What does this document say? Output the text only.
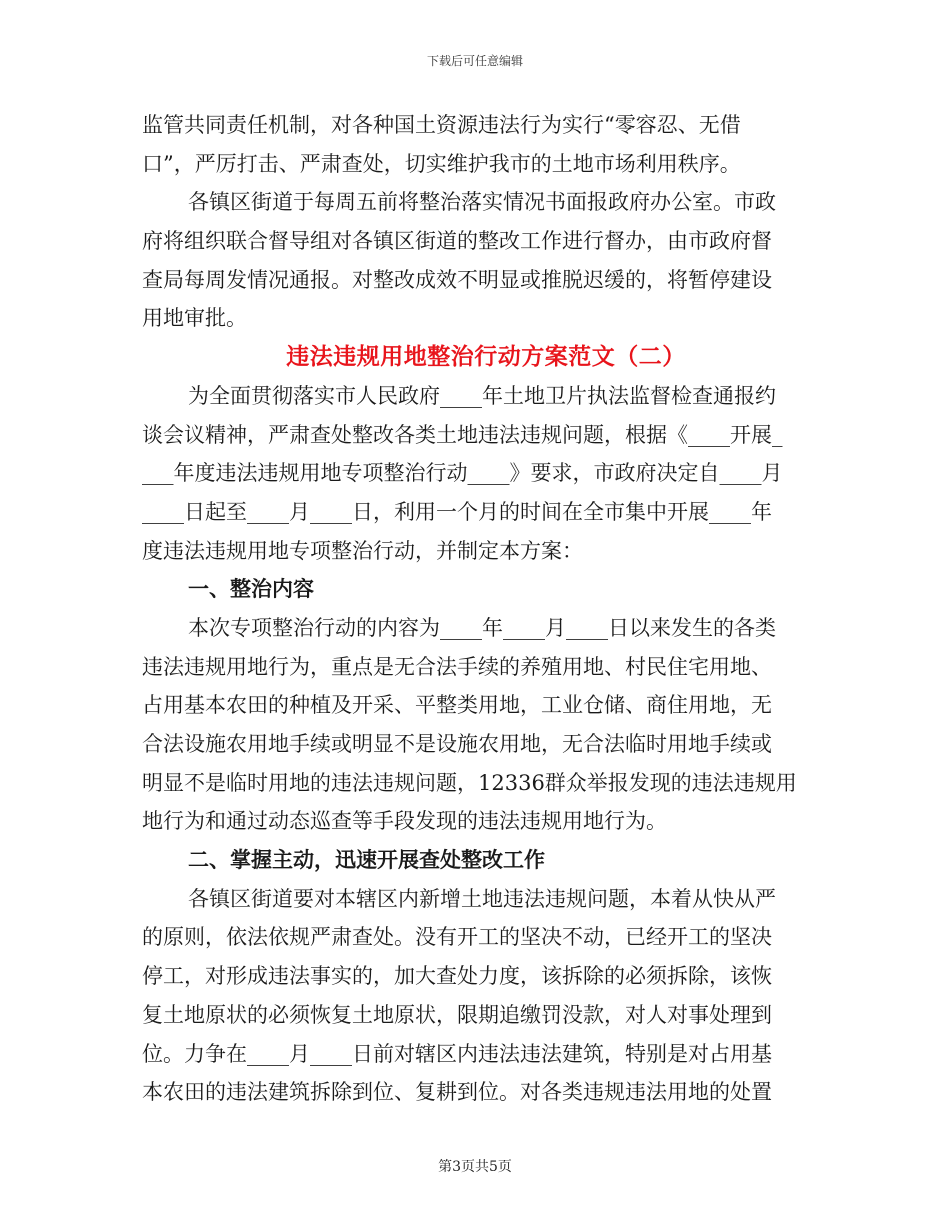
下载后可任意编辑
监管共同责任机制，对各种国土资源违法行为实行“零容忍、无借
口”，严厉打击、严肃查处，切实维护我市的土地市场利用秩序。
各镇区街道于每周五前将整治落实情况书面报政府办公室。市政
府将组织联合督导组对各镇区街道的整改工作进行督办，由市政府督
查局每周发情况通报。对整改成效不明显或推脱迟缓的，将暂停建设
用地审批。
违法违规用地整治行动方案范文（二）
为全面贯彻落实市人民政府____年土地卫片执法监督检查通报约
谈会议精神，严肃查处整改各类土地违法违规问题，根据《____开展_
___年度违法违规用地专项整治行动____》要求，市政府决定自____月
____日起至____月____日，利用一个月的时间在全市集中开展____年
度违法违规用地专项整治行动，并制定本方案：
一、整治内容
本次专项整治行动的内容为____年____月____日以来发生的各类
违法违规用地行为，重点是无合法手续的养殖用地、村民住宅用地、
占用基本农田的种植及开采、平整类用地，工业仓储、商住用地，无
合法设施农用地手续或明显不是设施农用地，无合法临时用地手续或
明显不是临时用地的违法违规问题，12336群众举报发现的违法违规用
地行为和通过动态巡查等手段发现的违法违规用地行为。
二、掌握主动，迅速开展查处整改工作
各镇区街道要对本辖区内新增土地违法违规问题，本着从快从严
的原则，依法依规严肃查处。没有开工的坚决不动，已经开工的坚决
停工，对形成违法事实的，加大查处力度，该拆除的必须拆除，该恢
复土地原状的必须恢复土地原状，限期追缴罚没款，对人对事处理到
位。力争在____月____日前对辖区内违法违法建筑，特别是对占用基
本农田的违法建筑拆除到位、复耕到位。对各类违规违法用地的处置
第3页共5页
